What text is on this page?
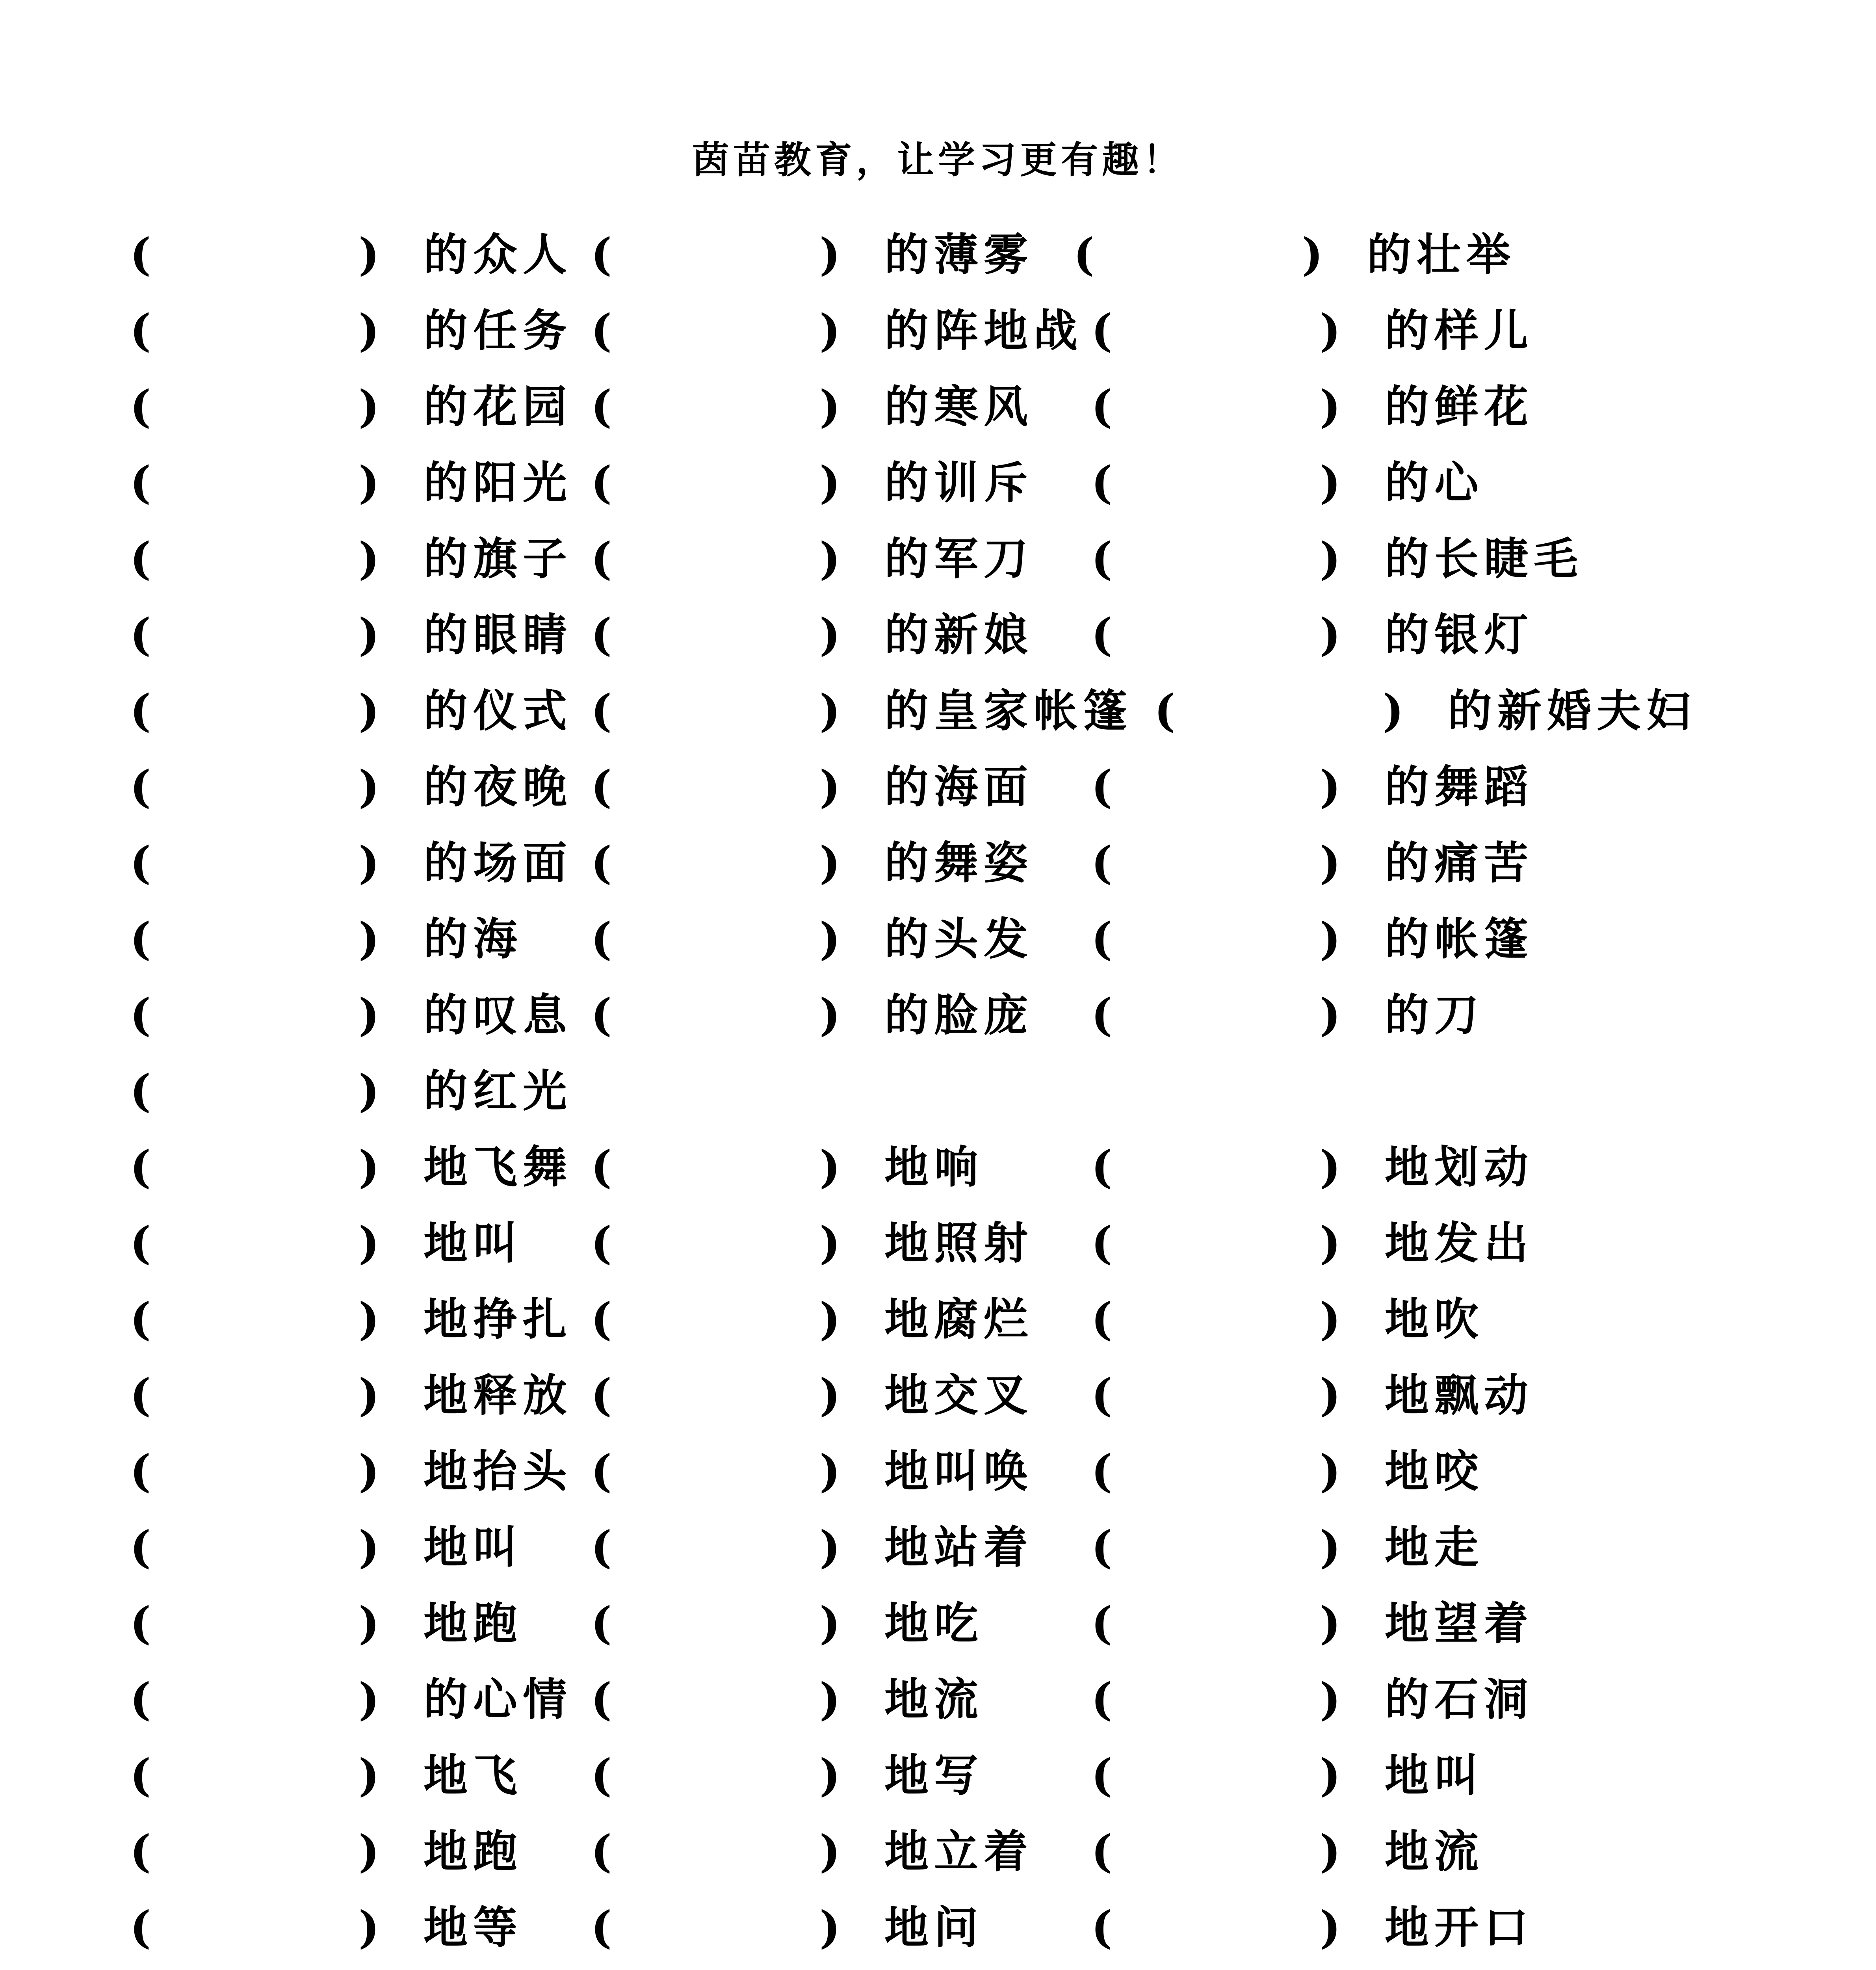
茵苗教育，让学习更有趣！
(	) 的众人 (	) 的薄雾 (	) 的壮举
(	) 的任务 (	) 的阵地战 (	) 的样儿
(	) 的花园 (	) 的寒风 (	) 的鲜花
(	) 的阳光 (	) 的训斥 (	) 的心
(	) 的旗子 (	) 的军刀 (	) 的长睫毛
(	) 的眼睛 (	) 的新娘 (	) 的银灯
(	) 的仪式 (	) 的皇家帐篷 (	) 的新婚夫妇
(	) 的夜晚 (	) 的海面 (	) 的舞蹈
(	) 的场面 (	) 的舞姿 (	) 的痛苦
(	) 的海 (	) 的头发 (	) 的帐篷
(	) 的叹息 (	) 的脸庞 (	) 的刀
(	) 的红光
(	) 地飞舞 (	) 地响 (	) 地划动
(	) 地叫 (	) 地照射 (	) 地发出
(	) 地挣扎 (	) 地腐烂 (	) 地吹
(	) 地释放 (	) 地交叉 (	) 地飘动
(	) 地抬头 (	) 地叫唤 (	) 地咬
(	) 地叫 (	) 地站着 (	) 地走
(	) 地跑 (	) 地吃 (	) 地望着
(	) 的心情 (	) 地流 (	) 的石洞
(	) 地飞 (	) 地写 (	) 地叫
(	) 地跑 (	) 地立着 (	) 地流
(	) 地等 (	) 地问 (	) 地开口
